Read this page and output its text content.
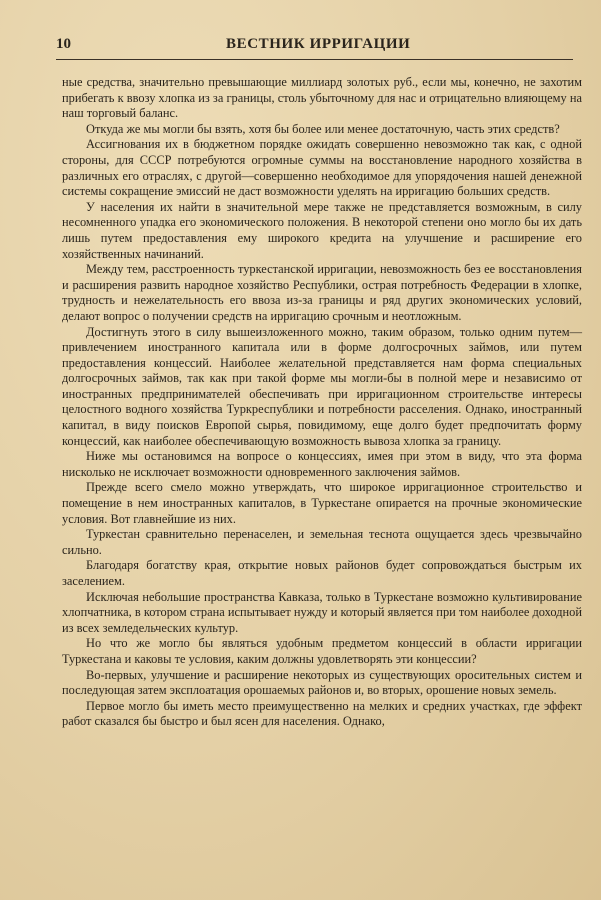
10	ВЕСТНИК ИРРИГАЦИИ

ные средства, значительно превышающие миллиард золотых руб., если мы, конечно, не захотим прибегать к ввозу хлопка из за границы, столь убыточному для нас и отрицательно влияющему на наш торговый баланс.

Откуда же мы могли бы взять, хотя бы более или менее достаточную, часть этих средств?

Ассигнования их в бюджетном порядке ожидать совершенно невозможно так как, с одной стороны, для СССР потребуются огромные суммы на восстановление народного хозяйства в различных его отраслях, с другой—совершенно необходимое для упорядочения нашей денежной системы сокращение эмиссий не даст возможности уделять на ирригацию больших средств.

У населения их найти в значительной мере также не представляется возможным, в силу несомненного упадка его экономического положения. В некоторой степени оно могло бы их дать лишь путем предоставления ему широкого кредита на улучшение и расширение его хозяйственных начинаний.

Между тем, расстроенность туркестанской ирригации, невозможность без ее восстановления и расширения развить народное хозяйство Республики, острая потребность Федерации в хлопке, трудность и нежелательность его ввоза из-за границы и ряд других экономических условий, делают вопрос о получении средств на ирригацию срочным и неотложным.

Достигнуть этого в силу вышеизложенного можно, таким образом, только одним путем—привлечением иностранного капитала или в форме долгосрочных займов, или путем предоставления концессий. Наиболее желательной представляется нам форма специальных долгосрочных займов, так как при такой форме мы могли-бы в полной мере и независимо от иностранных предпринимателей обеспечивать при ирригационном строительстве интересы целостного водного хозяйства Туркреспублики и потребности расселения. Однако, иностранный капитал, в виду поисков Европой сырья, повидимому, еще долго будет предпочитать форму концессий, как наиболее обеспечивающую возможность вывоза хлопка за границу.

Ниже мы остановимся на вопросе о концессиях, имея при этом в виду, что эта форма нисколько не исключает возможности одновременного заключения займов.

Прежде всего смело можно утверждать, что широкое ирригационное строительство и помещение в нем иностранных капиталов, в Туркестане опирается на прочные экономические условия. Вот главнейшие из них.

Туркестан сравнительно перенаселен, и земельная теснота ощущается здесь чрезвычайно сильно.

Благодаря богатству края, открытие новых районов будет сопровождаться быстрым их заселением.

Исключая небольшие пространства Кавказа, только в Туркестане возможно культивирование хлопчатника, в котором страна испытывает нужду и который является при том наиболее доходной из всех земледельческих культур.

Но что же могло бы являться удобным предметом концессий в области ирригации Туркестана и каковы те условия, каким должны удовлетворять эти концессии?

Во-первых, улучшение и расширение некоторых из существующих оросительных систем и последующая затем эксплоатация орошаемых районов и, во вторых, орошение новых земель.

Первое могло бы иметь место преимущественно на мелких и средних участках, где эффект работ сказался бы быстро и был ясен для населения. Однако,
